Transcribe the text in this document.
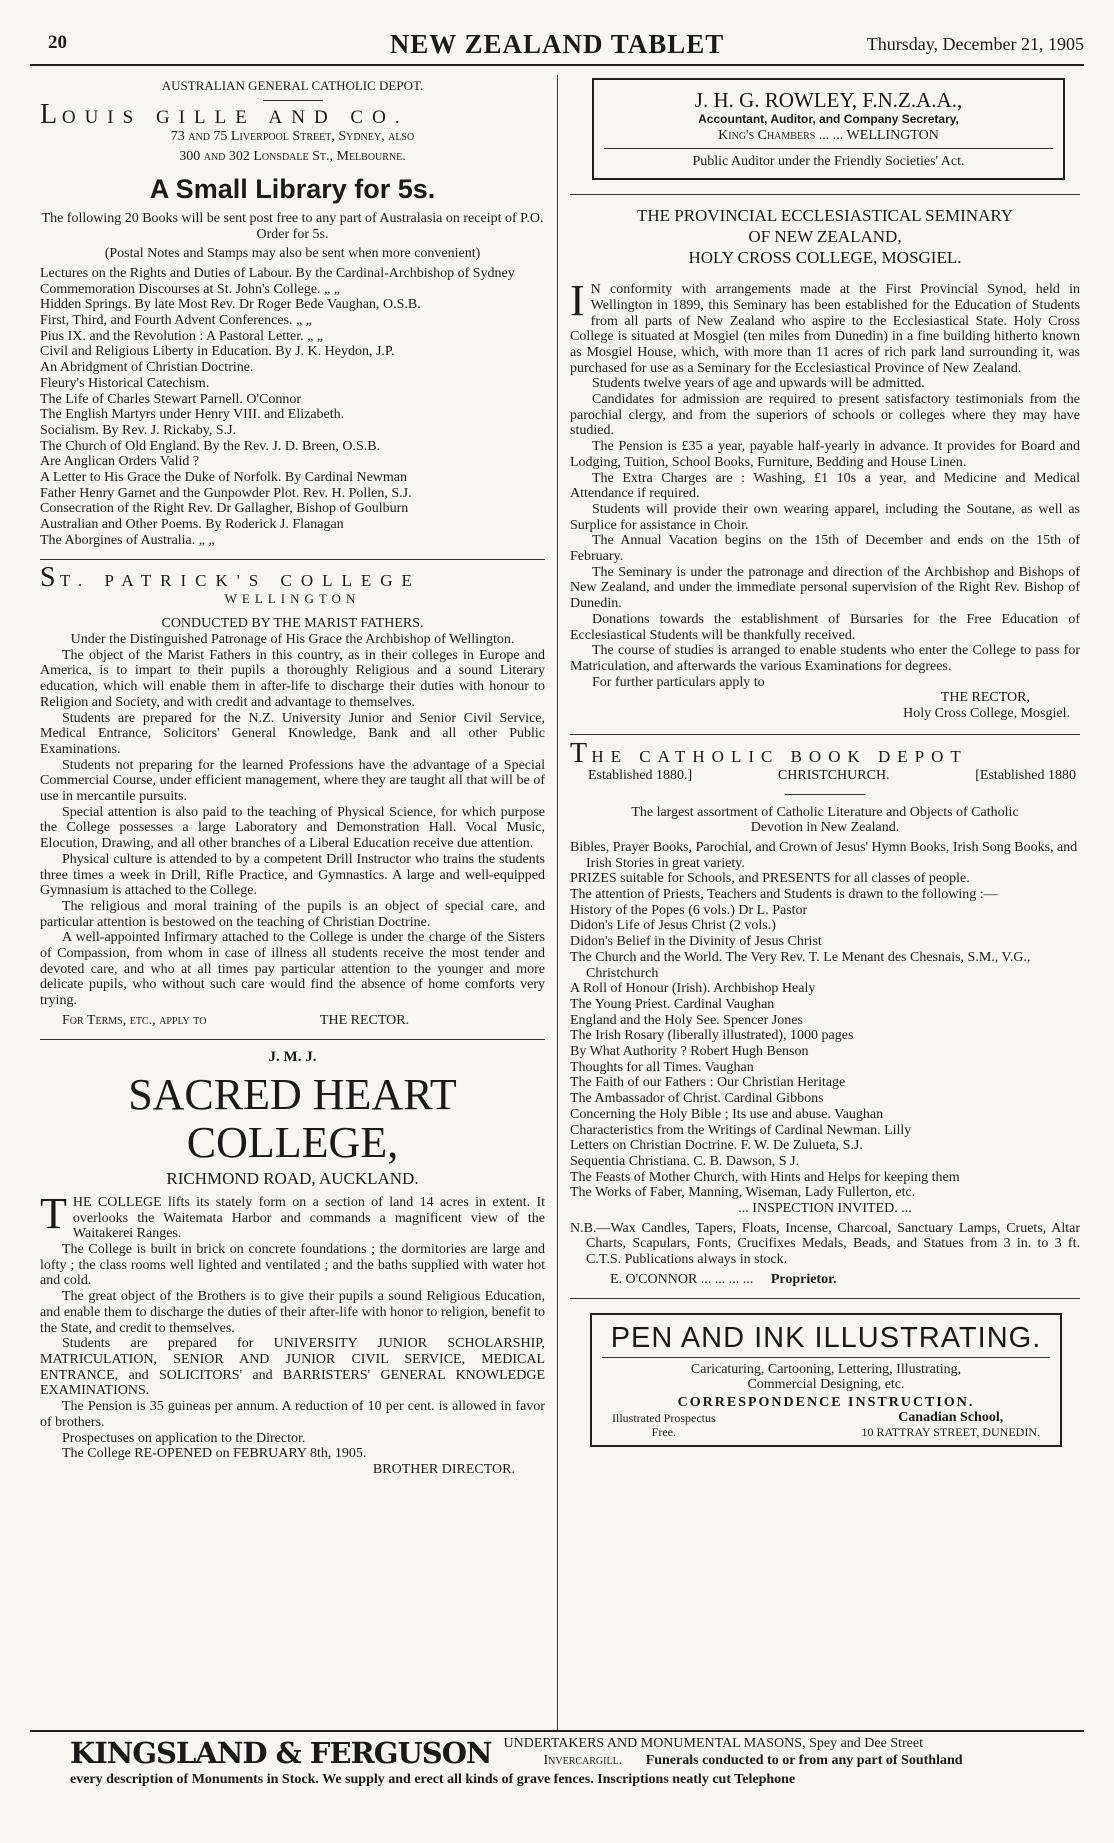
20	NEW ZEALAND TABLET	Thursday, December 21, 1905

AUSTRALIAN GENERAL CATHOLIC DEPOT.

L OUIS GILLE AND CO.

73 and 75 Liverpool Street, Sydney, also

300 and 302 Lonsdale St., Melbourne.

A Small Library for 5s.

The following 20 Books will be sent post free to any part of Australasia on receipt of P.O. Order for 5s.

(Postal Notes and Stamps may also be sent when more convenient)

Lectures on the Rights and Duties of Labour. By the Cardinal-Archbishop of Sydney

Commemoration Discourses at St. John's College. „ „

Hidden Springs. By late Most Rev. Dr Roger Bede Vaughan, O.S.B.

First, Third, and Fourth Advent Conferences. „ „

Pius IX. and the Revolution : A Pastoral Letter. „ „

Civil and Religious Liberty in Education. By J. K. Heydon, J.P.

An Abridgment of Christian Doctrine.

Fleury's Historical Catechism.

The Life of Charles Stewart Parnell. O'Connor

The English Martyrs under Henry VIII. and Elizabeth.

Socialism. By Rev. J. Rickaby, S.J.

The Church of Old England. By the Rev. J. D. Breen, O.S.B.

Are Anglican Orders Valid ?

A Letter to His Grace the Duke of Norfolk. By Cardinal Newman

Father Henry Garnet and the Gunpowder Plot. Rev. H. Pollen, S.J.

Consecration of the Right Rev. Dr Gallagher, Bishop of Goulburn

Australian and Other Poems. By Roderick J. Flanagan

The Aborgines of Australia. „ „

S T. PATRICK'S COLLEGE

WELLINGTON

CONDUCTED BY THE MARIST FATHERS.

Under the Distinguished Patronage of His Grace the Archbishop of Wellington.

The object of the Marist Fathers in this country, as in their colleges in Europe and America, is to impart to their pupils a thoroughly Religious and a sound Literary education, which will enable them in after-life to discharge their duties with honour to Religion and Society, and with credit and advantage to themselves.

Students are prepared for the N.Z. University Junior and Senior Civil Service, Medical Entrance, Solicitors' General Knowledge, Bank and all other Public Examinations.

Students not preparing for the learned Professions have the advantage of a Special Commercial Course, under efficient management, where they are taught all that will be of use in mercantile pursuits.

Special attention is also paid to the teaching of Physical Science, for which purpose the College possesses a large Laboratory and Demonstration Hall. Vocal Music, Elocution, Drawing, and all other branches of a Liberal Education receive due attention.

Physical culture is attended to by a competent Drill Instructor who trains the students three times a week in Drill, Rifle Practice, and Gymnastics. A large and well-equipped Gymnasium is attached to the College.

The religious and moral training of the pupils is an object of special care, and particular attention is bestowed on the teaching of Christian Doctrine.

A well-appointed Infirmary attached to the College is under the charge of the Sisters of Compassion, from whom in case of illness all students receive the most tender and devoted care, and who at all times pay particular attention to the younger and more delicate pupils, who without such care would find the absence of home comforts very trying.

For Terms, etc., apply to	THE RECTOR.

J. M. J.

SACRED HEART COLLEGE,

RICHMOND ROAD, AUCKLAND.

T HE COLLEGE lifts its stately form on a section of land 14 acres in extent. It overlooks the Waitemata Harbor and commands a magnificent view of the Waitakerei Ranges.

The College is built in brick on concrete foundations ; the dormitories are large and lofty ; the class rooms well lighted and ventilated ; and the baths supplied with water hot and cold.

The great object of the Brothers is to give their pupils a sound Religious Education, and enable them to discharge the duties of their after-life with honor to religion, benefit to the State, and credit to themselves.

Students are prepared for UNIVERSITY JUNIOR SCHOLARSHIP, MATRICULATION, SENIOR AND JUNIOR CIVIL SERVICE, MEDICAL ENTRANCE, and SOLICITORS' and BARRISTERS' GENERAL KNOWLEDGE EXAMINATIONS.

The Pension is 35 guineas per annum. A reduction of 10 per cent. is allowed in favor of brothers.

Prospectuses on application to the Director.

The College RE-OPENED on FEBRUARY 8th, 1905.

BROTHER DIRECTOR.

J. H. G. ROWLEY, F.N.Z.A.A.,

Accountant, Auditor, and Company Secretary,

King's Chambers ... ... WELLINGTON

Public Auditor under the Friendly Societies' Act.

THE PROVINCIAL ECCLESIASTICAL SEMINARY

OF NEW ZEALAND,

HOLY CROSS COLLEGE, MOSGIEL.

I N conformity with arrangements made at the First Provincial Synod, held in Wellington in 1899, this Seminary has been established for the Education of Students from all parts of New Zealand who aspire to the Ecclesiastical State. Holy Cross College is situated at Mosgiel (ten miles from Dunedin) in a fine building hitherto known as Mosgiel House, which, with more than 11 acres of rich park land surrounding it, was purchased for use as a Seminary for the Ecclesiastical Province of New Zealand.

Students twelve years of age and upwards will be admitted.

Candidates for admission are required to present satisfactory testimonials from the parochial clergy, and from the superiors of schools or colleges where they may have studied.

The Pension is £35 a year, payable half-yearly in advance. It provides for Board and Lodging, Tuition, School Books, Furniture, Bedding and House Linen.

The Extra Charges are : Washing, £1 10s a year, and Medicine and Medical Attendance if required.

Students will provide their own wearing apparel, including the Soutane, as well as Surplice for assistance in Choir.

The Annual Vacation begins on the 15th of December and ends on the 15th of February.

The Seminary is under the patronage and direction of the Archbishop and Bishops of New Zealand, and under the immediate personal supervision of the Right Rev. Bishop of Dunedin.

Donations towards the establishment of Bursaries for the Free Education of Ecclesiastical Students will be thankfully received.

The course of studies is arranged to enable students who enter the College to pass for Matriculation, and afterwards the various Examinations for degrees.

For further particulars apply to

THE RECTOR,

Holy Cross College, Mosgiel.

T HE CATHOLIC BOOK DEPOT

Established 1880.]	CHRISTCHURCH.	[Established 1880

The largest assortment of Catholic Literature and Objects of Catholic Devotion in New Zealand.

Bibles, Prayer Books, Parochial, and Crown of Jesus' Hymn Books, Irish Song Books, and Irish Stories in great variety.

PRIZES suitable for Schools, and PRESENTS for all classes of people.

The attention of Priests, Teachers and Students is drawn to the following :—

History of the Popes (6 vols.) Dr L. Pastor

Didon's Life of Jesus Christ (2 vols.)

Didon's Belief in the Divinity of Jesus Christ

The Church and the World. The Very Rev. T. Le Menant des Chesnais, S.M., V.G., Christchurch

A Roll of Honour (Irish). Archbishop Healy

The Young Priest. Cardinal Vaughan

England and the Holy See. Spencer Jones

The Irish Rosary (liberally illustrated), 1000 pages

By What Authority ? Robert Hugh Benson

Thoughts for all Times. Vaughan

The Faith of our Fathers : Our Christian Heritage

The Ambassador of Christ. Cardinal Gibbons

Concerning the Holy Bible ; Its use and abuse. Vaughan

Characteristics from the Writings of Cardinal Newman. Lilly

Letters on Christian Doctrine. F. W. De Zulueta, S.J.

Sequentia Christiana. C. B. Dawson, S J.

The Feasts of Mother Church, with Hints and Helps for keeping them

The Works of Faber, Manning, Wiseman, Lady Fullerton, etc.

... INSPECTION INVITED. ...

N.B.—Wax Candles, Tapers, Floats, Incense, Charcoal, Sanctuary Lamps, Cruets, Altar Charts, Scapulars, Fonts, Crucifixes Medals, Beads, and Statues from 3 in. to 3 ft. C.T.S. Publications always in stock.

E. O'CONNOR ... ... ... ... Proprietor.

PEN AND INK ILLUSTRATING.

Caricaturing, Cartooning, Lettering, Illustrating,

Commercial Designing, etc.

CORRESPONDENCE INSTRUCTION.

Illustrated Prospectus

Free.

Canadian School,

10 RATTRAY STREET, DUNEDIN.

KINGSLAND & FERGUSON UNDERTAKERS AND MONUMENTAL MASONS, Spey and Dee Street

Invercargill. Funerals conducted to or from any part of Southland

every description of Monuments in Stock. We supply and erect all kinds of grave fences. Inscriptions neatly cut Telephone
